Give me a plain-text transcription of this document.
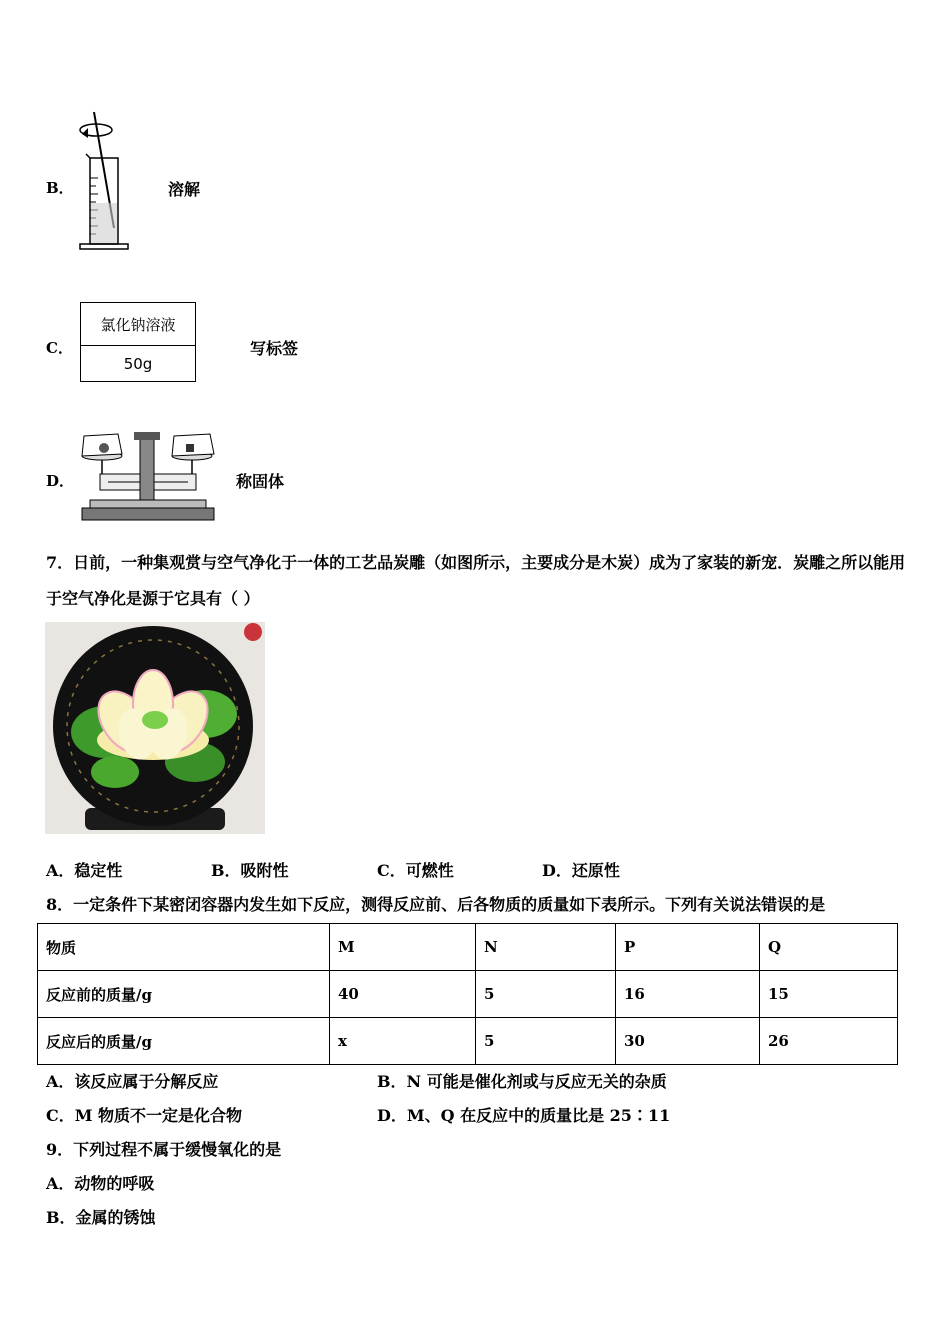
B．	溶解
C．
氯化钠溶液
50g
写标签
D．	称固体
7．日前，一种集观赏与空气净化于一体的工艺品炭雕（如图所示，主要成分是木炭）成为了家装的新宠．炭雕之所以能用于空气净化是源于它具有（ ）
A．稳定性	B．吸附性	C．可燃性	D．还原性
8．一定条件下某密闭容器内发生如下反应，测得反应前、后各物质的质量如下表所示。下列有关说法错误的是
物质	M	N	P	Q
反应前的质量/g	40	5	16	15
反应后的质量/g	x	5	30	26
A．该反应属于分解反应	B．N 可能是催化剂或与反应无关的杂质
C．M 物质不一定是化合物	D．M、Q 在反应中的质量比是 25∶11
9．下列过程不属于缓慢氧化的是
A．动物的呼吸
B．金属的锈蚀
